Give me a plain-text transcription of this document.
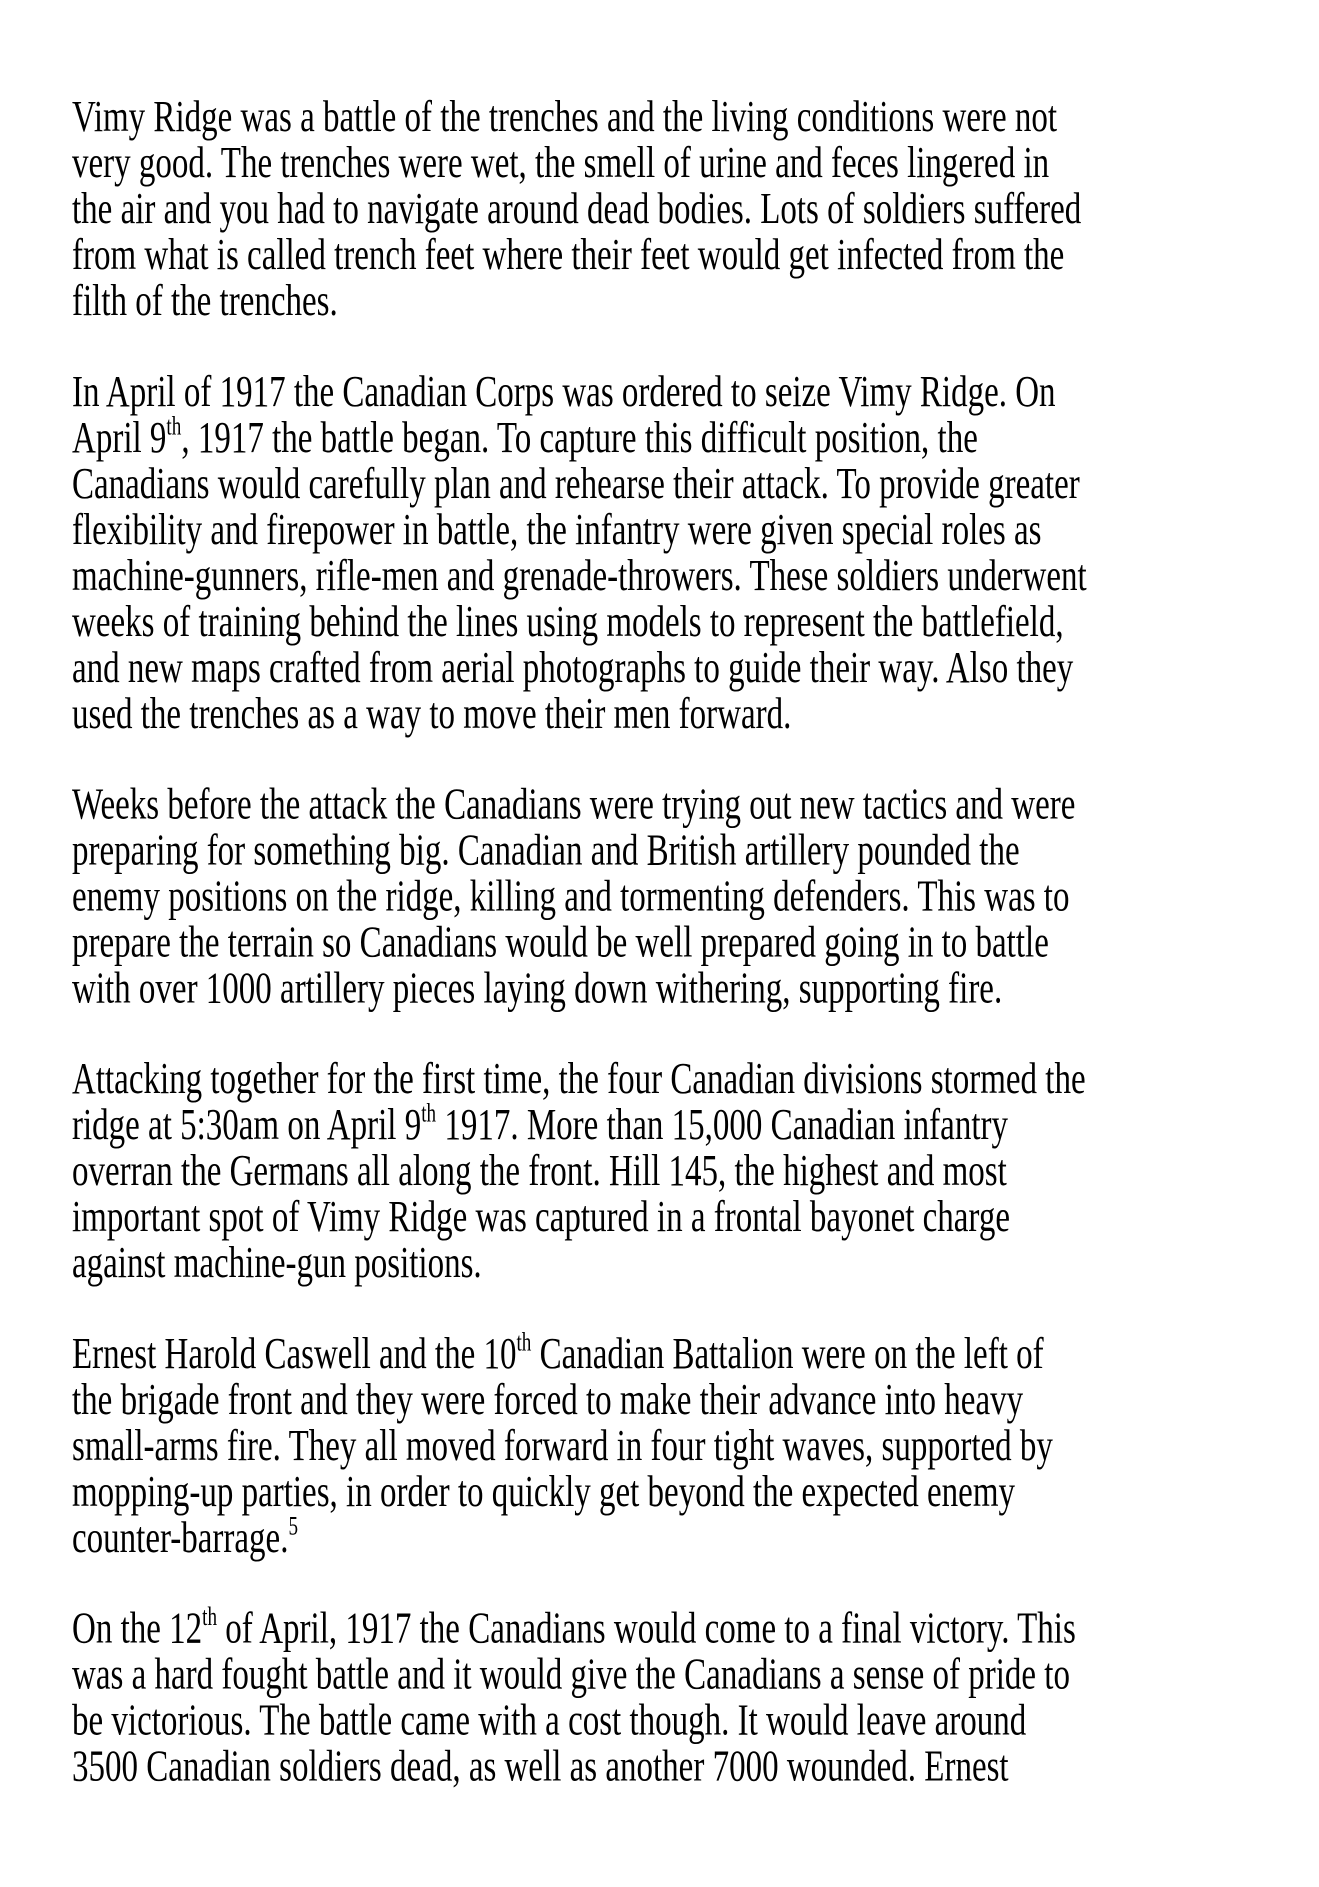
Vimy Ridge was a battle of the trenches and the living conditions were not
very good. The trenches were wet, the smell of urine and feces lingered in
the air and you had to navigate around dead bodies. Lots of soldiers suffered
from what is called trench feet where their feet would get infected from the
filth of the trenches.
In April of 1917 the Canadian Corps was ordered to seize Vimy Ridge. On
April 9th, 1917 the battle began. To capture this difficult position, the
Canadians would carefully plan and rehearse their attack. To provide greater
flexibility and firepower in battle, the infantry were given special roles as
machine-gunners, rifle-men and grenade-throwers. These soldiers underwent
weeks of training behind the lines using models to represent the battlefield,
and new maps crafted from aerial photographs to guide their way. Also they
used the trenches as a way to move their men forward.
Weeks before the attack the Canadians were trying out new tactics and were
preparing for something big. Canadian and British artillery pounded the
enemy positions on the ridge, killing and tormenting defenders. This was to
prepare the terrain so Canadians would be well prepared going in to battle
with over 1000 artillery pieces laying down withering, supporting fire.
Attacking together for the first time, the four Canadian divisions stormed the
ridge at 5:30am on April 9th 1917. More than 15,000 Canadian infantry
overran the Germans all along the front. Hill 145, the highest and most
important spot of Vimy Ridge was captured in a frontal bayonet charge
against machine-gun positions.
Ernest Harold Caswell and the 10th Canadian Battalion were on the left of
the brigade front and they were forced to make their advance into heavy
small-arms fire. They all moved forward in four tight waves, supported by
mopping-up parties, in order to quickly get beyond the expected enemy
counter-barrage.$^5$
On the 12th of April, 1917 the Canadians would come to a final victory. This
was a hard fought battle and it would give the Canadians a sense of pride to
be victorious. The battle came with a cost though. It would leave around
3500 Canadian soldiers dead, as well as another 7000 wounded. Ernest
